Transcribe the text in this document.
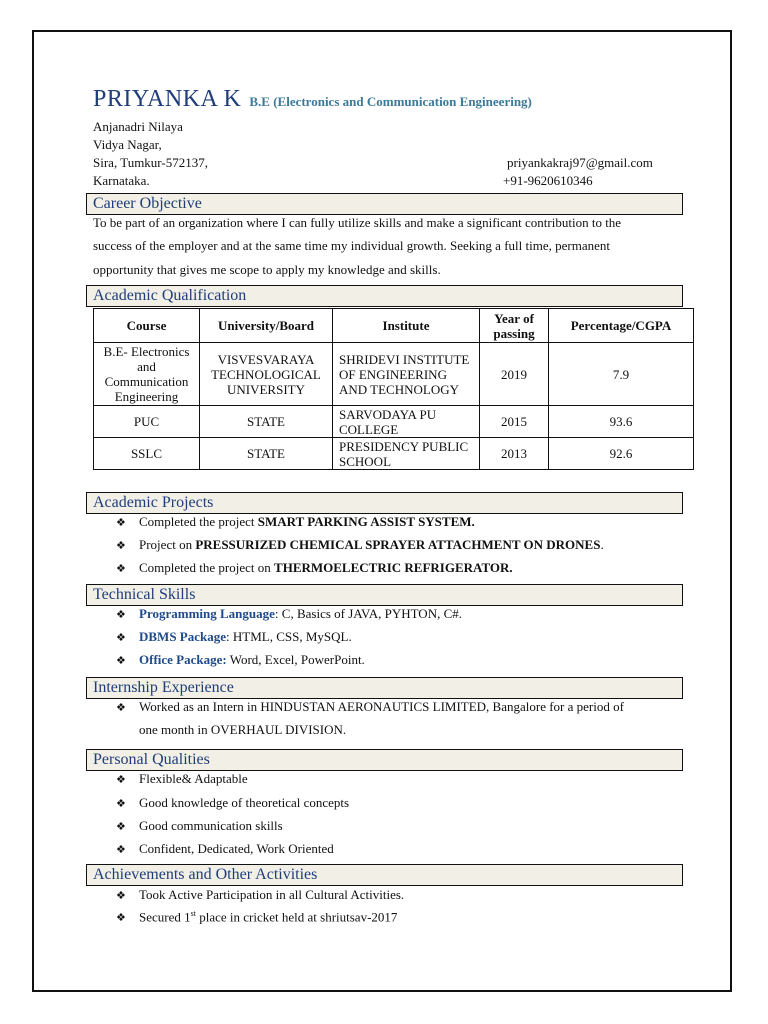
PRIYANKA K B.E (Electronics and Communication Engineering)
Anjanadri Nilaya
Vidya Nagar,
Sira, Tumkur-572137,
Karnataka.
priyankakraj97@gmail.com
+91-9620610346
Career Objective
To be part of an organization where I can fully utilize skills and make a significant contribution to the
success of the employer and at the same time my individual growth. Seeking a full time, permanent
opportunity that gives me scope to apply my knowledge and skills.
Academic Qualification
Course	University/Board	Institute	Year of passing	Percentage/CGPA
B.E- Electronics and Communication Engineering	VISVESVARAYA TECHNOLOGICAL UNIVERSITY	SHRIDEVI INSTITUTE OF ENGINEERING AND TECHNOLOGY	2019	7.9
PUC	STATE	SARVODAYA PU COLLEGE	2015	93.6
SSLC	STATE	PRESIDENCY PUBLIC SCHOOL	2013	92.6
Academic Projects
❖ Completed the project SMART PARKING ASSIST SYSTEM.
❖ Project on PRESSURIZED CHEMICAL SPRAYER ATTACHMENT ON DRONES.
❖ Completed the project on THERMOELECTRIC REFRIGERATOR.
Technical Skills
❖ Programming Language: C, Basics of JAVA, PYHTON, C#.
❖ DBMS Package: HTML, CSS, MySQL.
❖ Office Package: Word, Excel, PowerPoint.
Internship Experience
❖ Worked as an Intern in HINDUSTAN AERONAUTICS LIMITED, Bangalore for a period of
one month in OVERHAUL DIVISION.
Personal Qualities
❖ Flexible& Adaptable
❖ Good knowledge of theoretical concepts
❖ Good communication skills
❖ Confident, Dedicated, Work Oriented
Achievements and Other Activities
❖ Took Active Participation in all Cultural Activities.
❖ Secured 1st place in cricket held at shriutsav-2017
